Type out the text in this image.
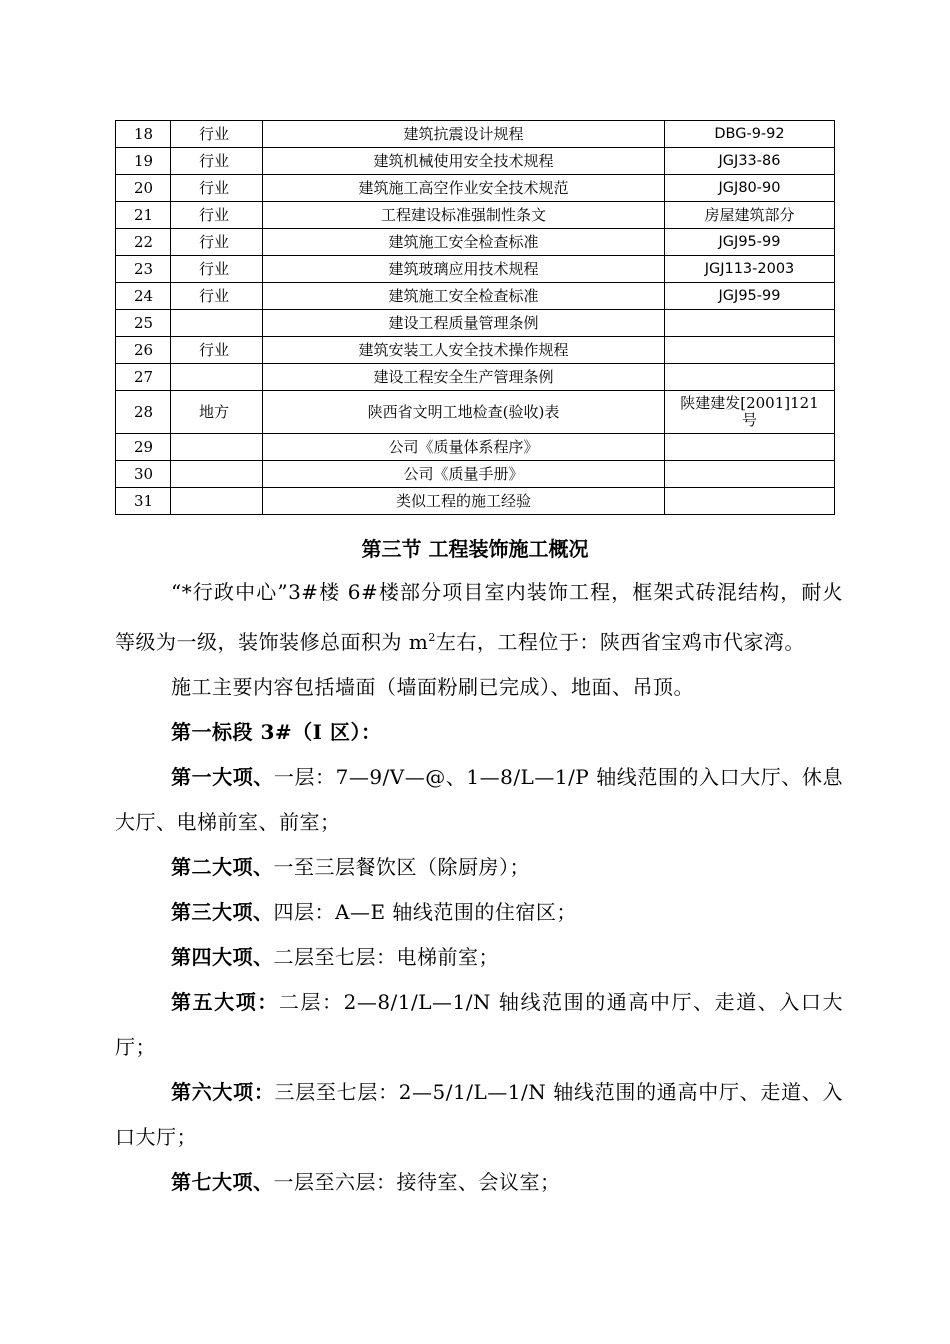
18	行业	建筑抗震设计规程	DBG-9-92
19	行业	建筑机械使用安全技术规程	JGJ33-86
20	行业	建筑施工高空作业安全技术规范	JGJ80-90
21	行业	工程建设标准强制性条文	房屋建筑部分
22	行业	建筑施工安全检查标准	JGJ95-99
23	行业	建筑玻璃应用技术规程	JGJ113-2003
24	行业	建筑施工安全检查标准	JGJ95-99
25		建设工程质量管理条例	
26	行业	建筑安装工人安全技术操作规程	
27		建设工程安全生产管理条例	
28	地方	陕西省文明工地检查(验收)表	陕建建发[2001]121
号

29		公司《质量体系程序》	
30		公司《质量手册》	
31		类似工程的施工经验	
第三节 工程装饰施工概况

“*行政中心”3#楼 6#楼部分项目室内装饰工程，框架式砖混结构，耐火等级为一级，装饰装修总面积为 $m^2$左右，工程位于：陕西省宝鸡市代家湾。

施工主要内容包括墙面（墙面粉刷已完成）、地面、吊顶。

第一标段 3#（I 区）：

第一大项、一层：7—9/V—@、1—8/L—1/P 轴线范围的入口大厅、休息大厅、电梯前室、前室；

第二大项、一至三层餐饮区（除厨房）；

第三大项、四层：A—E 轴线范围的住宿区；

第四大项、二层至七层：电梯前室；

第五大项：二层：2—8/1/L—1/N 轴线范围的通高中厅、走道、入口大厅；

第六大项：三层至七层：2—5/1/L—1/N 轴线范围的通高中厅、走道、入口大厅；

第七大项、一层至六层：接待室、会议室；
